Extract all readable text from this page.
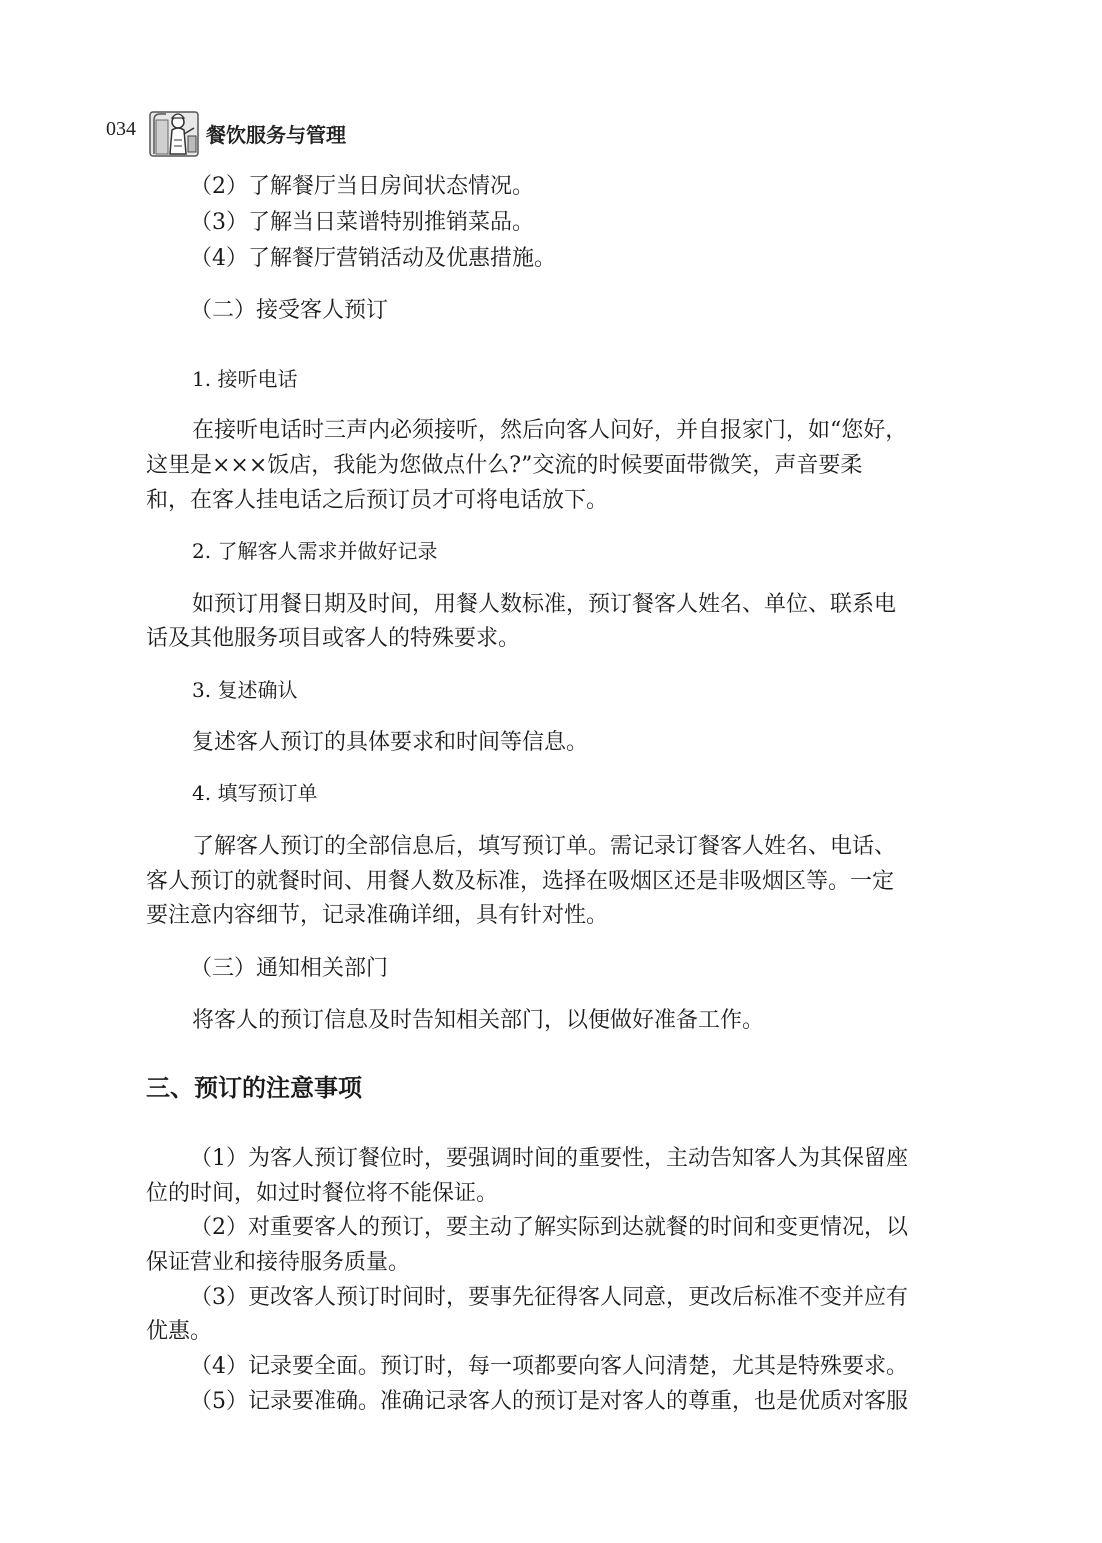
034	餐饮服务与管理
（2）了解餐厅当日房间状态情况。
（3）了解当日菜谱特别推销菜品。
（4）了解餐厅营销活动及优惠措施。
（二）接受客人预订
1. 接听电话
在接听电话时三声内必须接听，然后向客人问好，并自报家门，如“您好，
这里是×××饭店，我能为您做点什么?”交流的时候要面带微笑，声音要柔
和，在客人挂电话之后预订员才可将电话放下。
2. 了解客人需求并做好记录
如预订用餐日期及时间，用餐人数标准，预订餐客人姓名、单位、联系电
话及其他服务项目或客人的特殊要求。
3. 复述确认
复述客人预订的具体要求和时间等信息。
4. 填写预订单
了解客人预订的全部信息后，填写预订单。需记录订餐客人姓名、电话、
客人预订的就餐时间、用餐人数及标准，选择在吸烟区还是非吸烟区等。一定
要注意内容细节，记录准确详细，具有针对性。
（三）通知相关部门
将客人的预订信息及时告知相关部门，以便做好准备工作。
三、预订的注意事项
（1）为客人预订餐位时，要强调时间的重要性，主动告知客人为其保留座
位的时间，如过时餐位将不能保证。
（2）对重要客人的预订，要主动了解实际到达就餐的时间和变更情况，以
保证营业和接待服务质量。
（3）更改客人预订时间时，要事先征得客人同意，更改后标准不变并应有
优惠。
（4）记录要全面。预订时，每一项都要向客人问清楚，尤其是特殊要求。
（5）记录要准确。准确记录客人的预订是对客人的尊重，也是优质对客服
